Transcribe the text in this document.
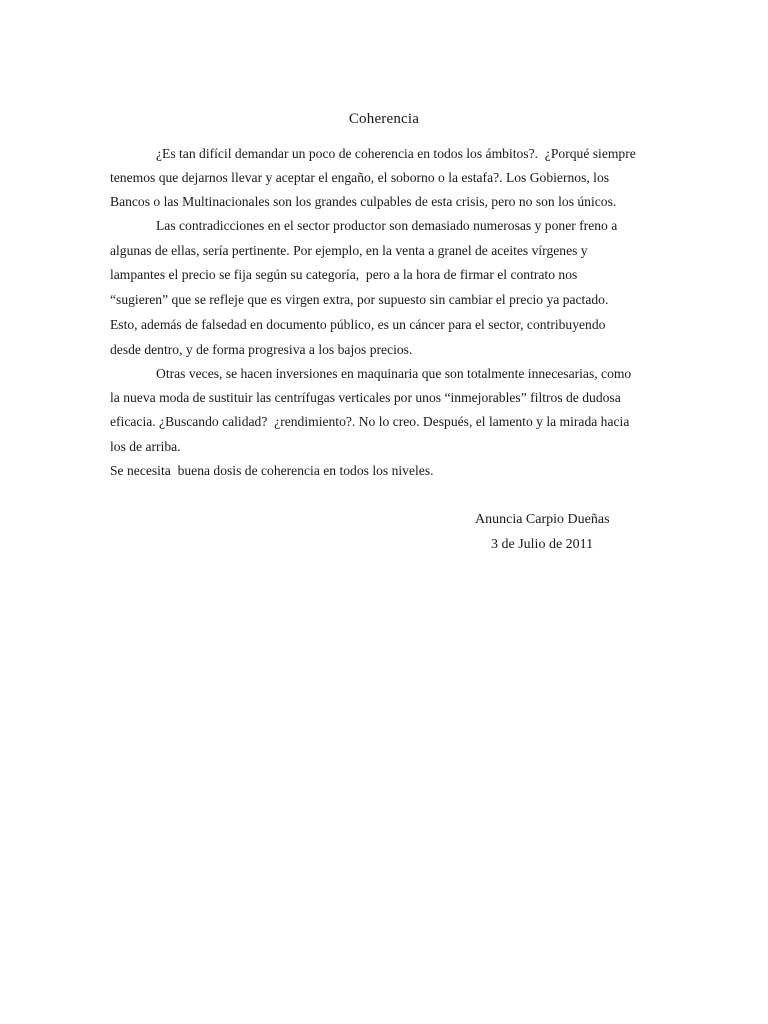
Coherencia
¿Es tan difícil demandar un poco de coherencia en todos los ámbitos?.  ¿Porqué siempre
tenemos que dejarnos llevar y aceptar el engaño, el soborno o la estafa?. Los Gobiernos, los
Bancos o las Multinacionales son los grandes culpables de esta crisis, pero no son los únicos.
Las contradicciones en el sector productor son demasiado numerosas y poner freno a
algunas de ellas, sería pertinente. Por ejemplo, en la venta a granel de aceites vírgenes y
lampantes el precio se fija según su categoría,  pero a la hora de firmar el contrato nos
“sugieren” que se refleje que es virgen extra, por supuesto sin cambiar el precio ya pactado.
Esto, además de falsedad en documento público, es un cáncer para el sector, contribuyendo
desde dentro, y de forma progresiva a los bajos precios.
Otras veces, se hacen inversiones en maquinaria que son totalmente innecesarias, como
la nueva moda de sustituir las centrífugas verticales por unos “inmejorables” filtros de dudosa
eficacia. ¿Buscando calidad?  ¿rendimiento?. No lo creo. Después, el lamento y la mirada hacia
los de arriba.
Se necesita  buena dosis de coherencia en todos los niveles.
Anuncia Carpio Dueñas
3 de Julio de 2011
